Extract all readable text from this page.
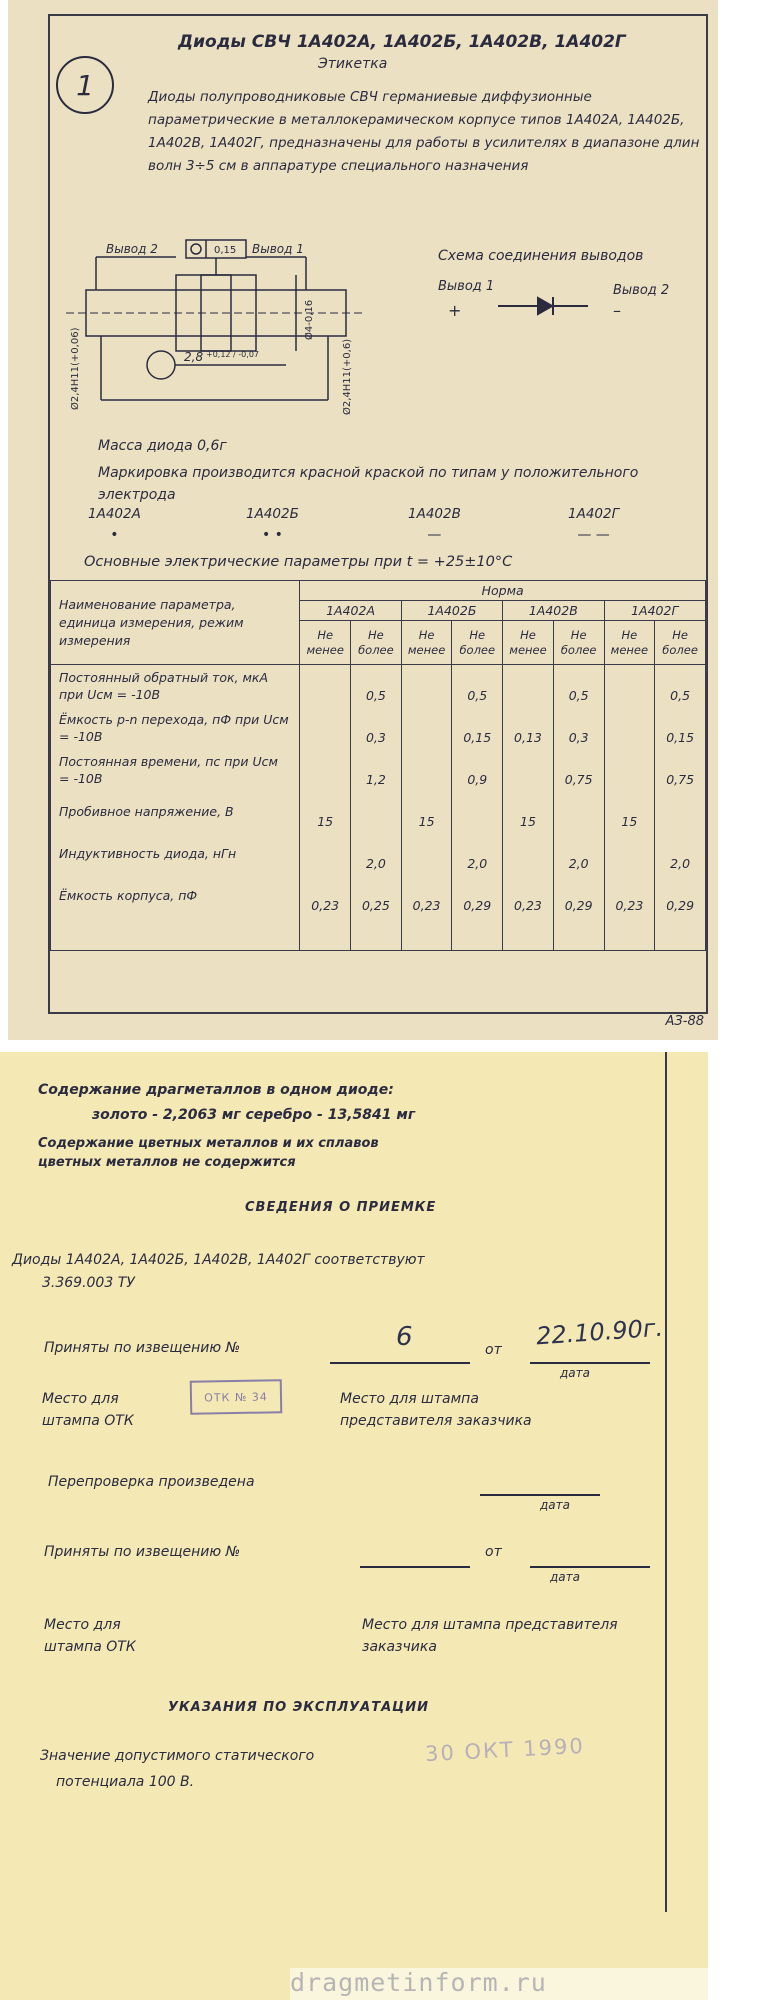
1
Диоды СВЧ 1А402А, 1А402Б, 1А402В, 1А402Г
Этикетка
Диоды полупроводниковые СВЧ германиевые диффузионные параметрические в металлокерамическом корпусе типов 1А402А, 1А402Б, 1А402В, 1А402Г, предназначены для работы в усилителях в диапазоне длин волн 3÷5 см в аппаратуре специального назначения
Вывод 2	Вывод 1
0,15
2,8 +0,12 / -0,07
Ø4-0,16
Ø2,4H11(+0,06)	Ø2,4H11(+0,6)
Схема соединения выводов
Вывод 1	Вывод 2
+	–
Масса диода 0,6г
Маркировка производится красной краской по типам у положительного электрода
1А402А
•
1А402Б
• •
1А402В
—
1А402Г
— —
Основные электрические параметры при t = +25±10°С
Наименование параметра, единица измерения, режим измерения	Норма							
	1А402А		1А402Б		1А402В		1А402Г	
	Не менее	Не более	Не менее	Не более	Не менее	Не более	Не менее	Не более
Постоянный обратный ток, мкА при Uсм = -10В		0,5		0,5		0,5		0,5
Ёмкость p-n перехода, пФ при Uсм = -10В		0,3		0,15	0,13	0,3		0,15
Постоянная времени, пс при Uсм = -10В		1,2		0,9		0,75		0,75
Пробивное напряжение, В	15		15		15		15	
Индуктивность диода, нГн		2,0		2,0		2,0		2,0
Ёмкость корпуса, пФ	0,23	0,25	0,23	0,29	0,23	0,29	0,23	0,29

АЗ-88
Содержание драгметаллов в одном диоде:
золото - 2,2063 мг серебро - 13,5841 мг
Содержание цветных металлов и их сплавов
цветных металлов не содержится
СВЕДЕНИЯ О ПРИЕМКЕ
Диоды 1А402А, 1А402Б, 1А402В, 1А402Г соответствуют
3.369.003 ТУ
Приняты по извещению №	6	от 22.10.90г.
дата
Место для штампа ОТК
ОТК № 34	Место для штампа представителя заказчика
Перепроверка произведена
дата
Приняты по извещению №	от
дата
Место для штампа ОТК
Место для штампа представителя заказчика
УКАЗАНИЯ ПО ЭКСПЛУАТАЦИИ
Значение допустимого статического
потенциала 100 В.
30 ОКТ 1990
dragmetinform.ru
